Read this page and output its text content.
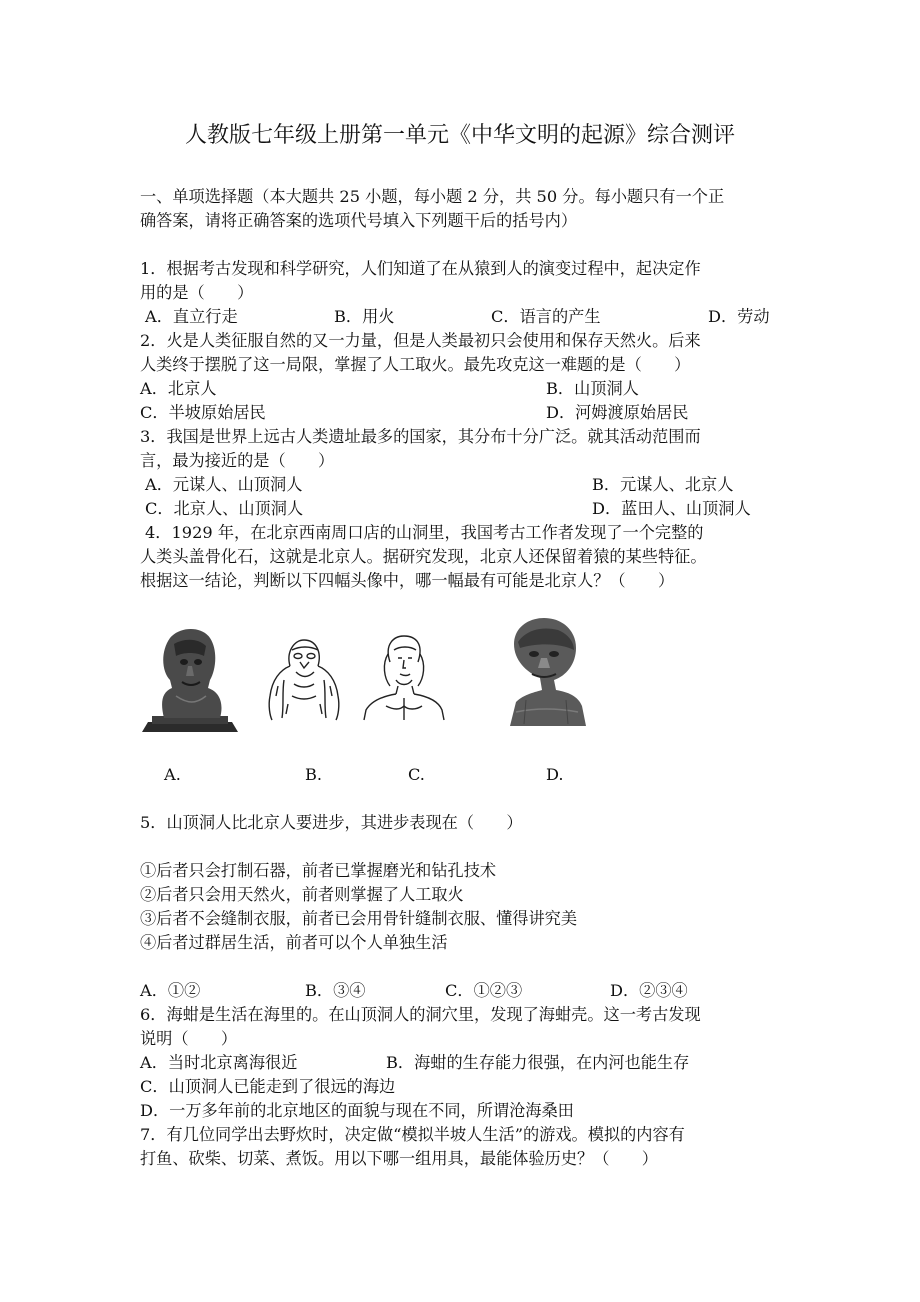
人教版七年级上册第一单元《中华文明的起源》综合测评
一、单项选择题（本大题共 25 小题，每小题 2 分，共 50 分。每小题只有一个正
确答案，请将正确答案的选项代号填入下列题干后的括号内）
1．根据考古发现和科学研究，人们知道了在从猿到人的演变过程中，起决定作
用的是（　　）
A．直立行走	B．用火	C．语言的产生	D．劳动
2．火是人类征服自然的又一力量，但是人类最初只会使用和保存天然火。后来
人类终于摆脱了这一局限，掌握了人工取火。最先攻克这一难题的是（　　）
A．北京人	B．山顶洞人
C．半坡原始居民	D．河姆渡原始居民
3．我国是世界上远古人类遗址最多的国家，其分布十分广泛。就其活动范围而
言，最为接近的是（　　）
A．元谋人、山顶洞人	B．元谋人、北京人
C．北京人、山顶洞人	D．蓝田人、山顶洞人
4．1929 年，在北京西南周口店的山洞里，我国考古工作者发现了一个完整的
人类头盖骨化石，这就是北京人。据研究发现，北京人还保留着猿的某些特征。
根据这一结论，判断以下四幅头像中，哪一幅最有可能是北京人？（　　）
A.	B.	C.	D.
5．山顶洞人比北京人要进步，其进步表现在（　　）
①后者只会打制石器，前者已掌握磨光和钻孔技术
②后者只会用天然火，前者则掌握了人工取火
③后者不会缝制衣服，前者已会用骨针缝制衣服、懂得讲究美
④后者过群居生活，前者可以个人单独生活
A．①②	B．③④	C．①②③	D．②③④
6．海蚶是生活在海里的。在山顶洞人的洞穴里，发现了海蚶壳。这一考古发现
说明（　　）
A．当时北京离海很近	B．海蚶的生存能力很强，在内河也能生存
C．山顶洞人已能走到了很远的海边
D．一万多年前的北京地区的面貌与现在不同，所谓沧海桑田
7．有几位同学出去野炊时，决定做“模拟半坡人生活”的游戏。模拟的内容有
打鱼、砍柴、切菜、煮饭。用以下哪一组用具，最能体验历史？（　　）
